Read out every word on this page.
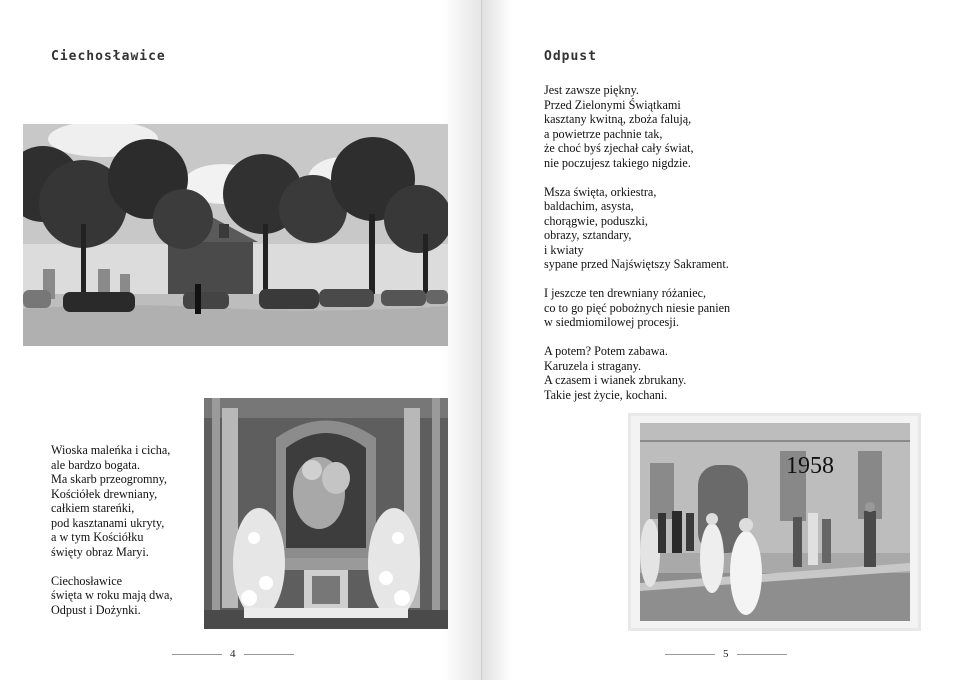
Ciechosławice
Wioska maleńka i cicha,
ale bardzo bogata.
Ma skarb przeogromny,
Kościółek drewniany,
całkiem stareńki,
pod kasztanami ukryty,
a w tym Kościółku
święty obraz Maryi.
Ciechosławice
święta w roku mają dwa,
Odpust i Dożynki.
4
Odpust
Jest zawsze piękny.
Przed Zielonymi Świątkami
kasztany kwitną, zboża falują,
a powietrze pachnie tak,
że choć byś zjechał cały świat,
nie poczujesz takiego nigdzie.
Msza święta, orkiestra,
baldachim, asysta,
chorągwie, poduszki,
obrazy, sztandary,
i kwiaty
sypane przed Najświętszy Sakrament.
I jeszcze ten drewniany różaniec,
co to go pięć pobożnych niesie panien
w siedmiomilowej procesji.
A potem? Potem zabawa.
Karuzela i stragany.
A czasem i wianek zbrukany.
Takie jest życie, kochani.
1958
5
